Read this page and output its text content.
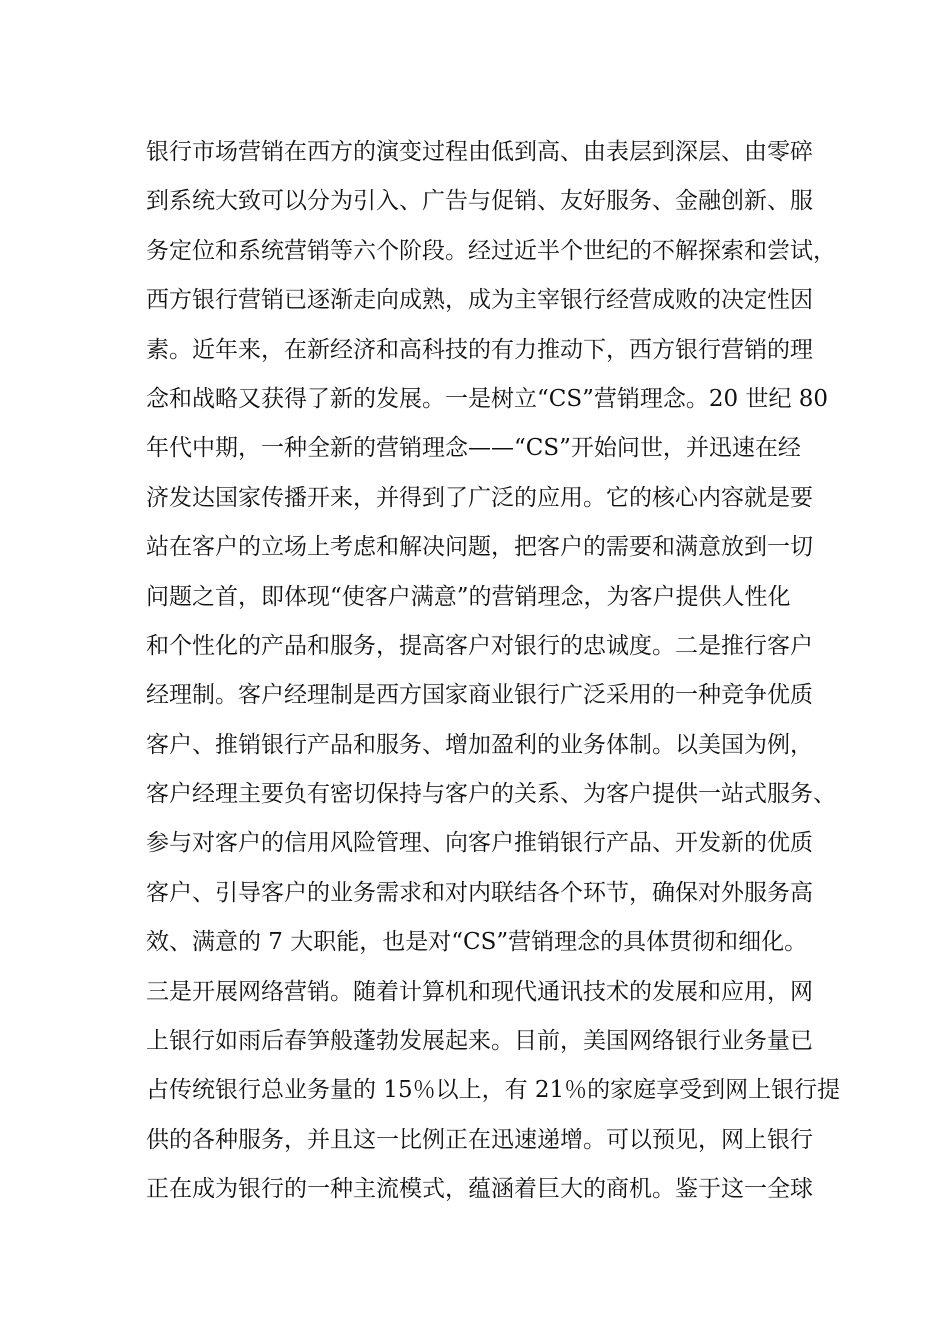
银行市场营销在西方的演变过程由低到高、由表层到深层、由零碎
到系统大致可以分为引入、广告与促销、友好服务、金融创新、服
务定位和系统营销等六个阶段。经过近半个世纪的不解探索和尝试，
西方银行营销已逐渐走向成熟，成为主宰银行经营成败的决定性因
素。近年来，在新经济和高科技的有力推动下，西方银行营销的理
念和战略又获得了新的发展。一是树立“CS”营销理念。20 世纪 80
年代中期，一种全新的营销理念——“CS”开始问世，并迅速在经
济发达国家传播开来，并得到了广泛的应用。它的核心内容就是要
站在客户的立场上考虑和解决问题，把客户的需要和满意放到一切
问题之首，即体现“使客户满意”的营销理念，为客户提供人性化
和个性化的产品和服务，提高客户对银行的忠诚度。二是推行客户
经理制。客户经理制是西方国家商业银行广泛采用的一种竞争优质
客户、推销银行产品和服务、增加盈利的业务体制。以美国为例，
客户经理主要负有密切保持与客户的关系、为客户提供一站式服务、
参与对客户的信用风险管理、向客户推销银行产品、开发新的优质
客户、引导客户的业务需求和对内联结各个环节，确保对外服务高
效、满意的 7 大职能，也是对“CS”营销理念的具体贯彻和细化。
三是开展网络营销。随着计算机和现代通讯技术的发展和应用，网
上银行如雨后春笋般蓬勃发展起来。目前，美国网络银行业务量已
占传统银行总业务量的 15％以上，有 21％的家庭享受到网上银行提
供的各种服务，并且这一比例正在迅速递增。可以预见，网上银行
正在成为银行的一种主流模式，蕴涵着巨大的商机。鉴于这一全球
